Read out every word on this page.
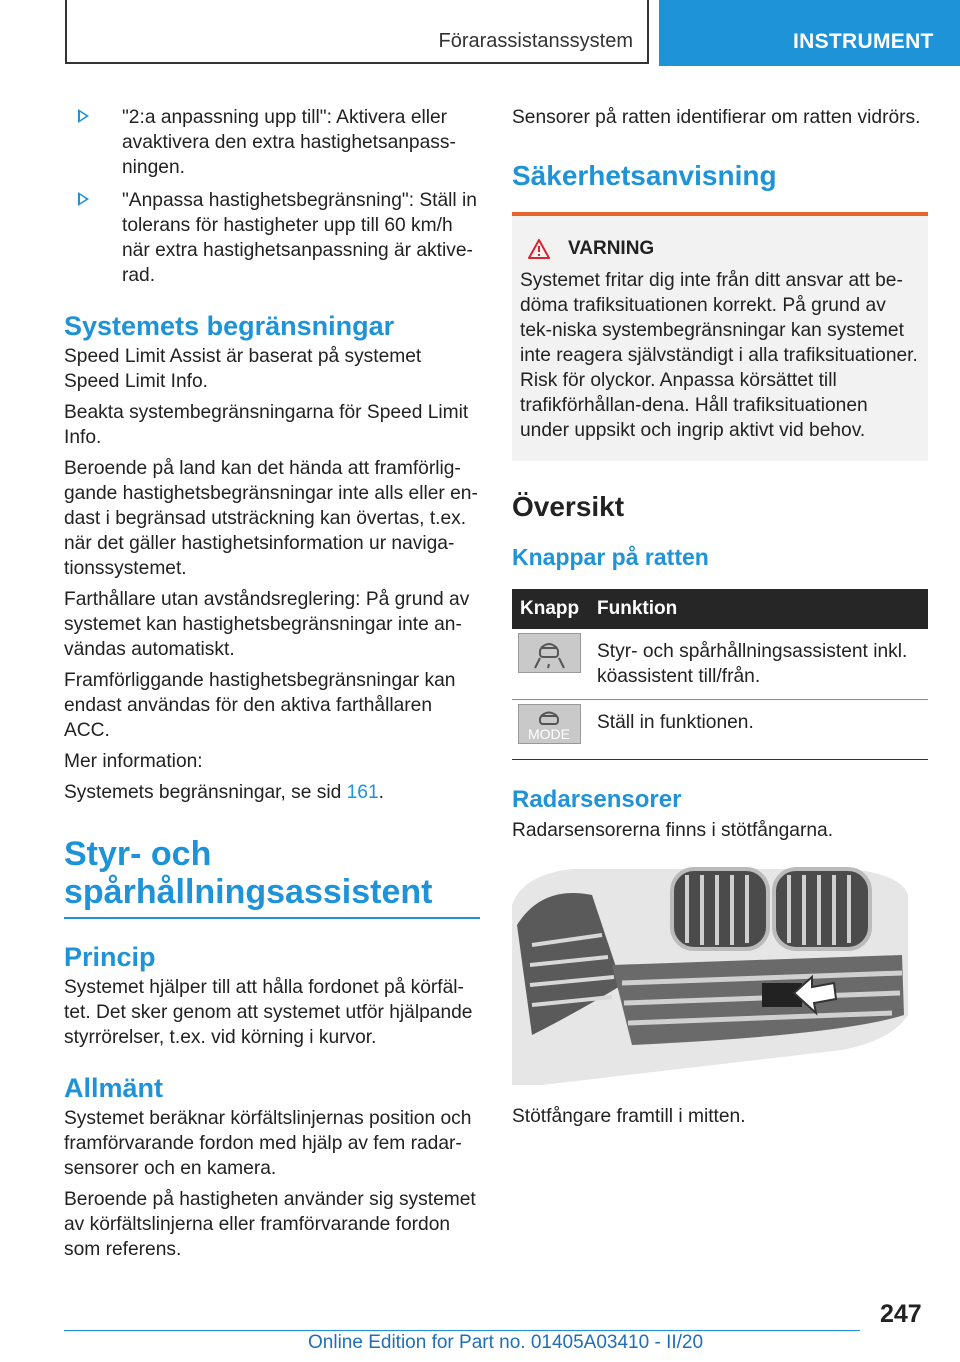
Förarassistanssystem	INSTRUMENT
"2:a anpassning upp till": Aktivera eller avaktivera den extra hastighetsanpass-ningen.
"Anpassa hastighetsbegränsning": Ställ in tolerans för hastigheter upp till 60 km/h när extra hastighetsanpassning är aktive-rad.
Systemets begränsningar

Speed Limit Assist är baserat på systemet Speed Limit Info.

Beakta systembegränsningarna för Speed Limit Info.

Beroende på land kan det hända att framförlig-gande hastighetsbegränsningar inte alls eller en-dast i begränsad utsträckning kan övertas, t.ex. när det gäller hastighetsinformation ur naviga-tionssystemet.

Farthållare utan avståndsreglering: På grund av systemet kan hastighetsbegränsningar inte an-vändas automatiskt.

Framförliggande hastighetsbegränsningar kan endast användas för den aktiva farthållaren ACC.

Mer information:

Systemets begränsningar, se sid 161.

Styr- och spårhållningsassistent
Princip

Systemet hjälper till att hålla fordonet på körfäl-tet. Det sker genom att systemet utför hjälpande styrrörelser, t.ex. vid körning i kurvor.

Allmänt

Systemet beräknar körfältslinjernas position och framförvarande fordon med hjälp av fem radar-sensorer och en kamera.

Beroende på hastigheten använder sig systemet av körfältslinjerna eller framförvarande fordon som referens.

Sensorer på ratten identifierar om ratten vidrörs.

Säkerhetsanvisning
VARNING

Systemet fritar dig inte från ditt ansvar att be-döma trafiksituationen korrekt. På grund av tek-niska systembegränsningar kan systemet inte reagera självständigt i alla trafiksituationer. Risk för olyckor. Anpassa körsättet till trafikförhållan-dena. Håll trafiksituationen under uppsikt och ingrip aktivt vid behov.

Översikt
Knappar på ratten
Knapp	Funktion

	Styr- och spårhållningsassistent inkl. köassistent till/från.

MODE	Ställ in funktionen.
Radarsensorer

Radarsensorerna finns i stötfångarna.

Stötfångare framtill i mitten.

247
Online Edition for Part no. 01405A03410 - II/20
